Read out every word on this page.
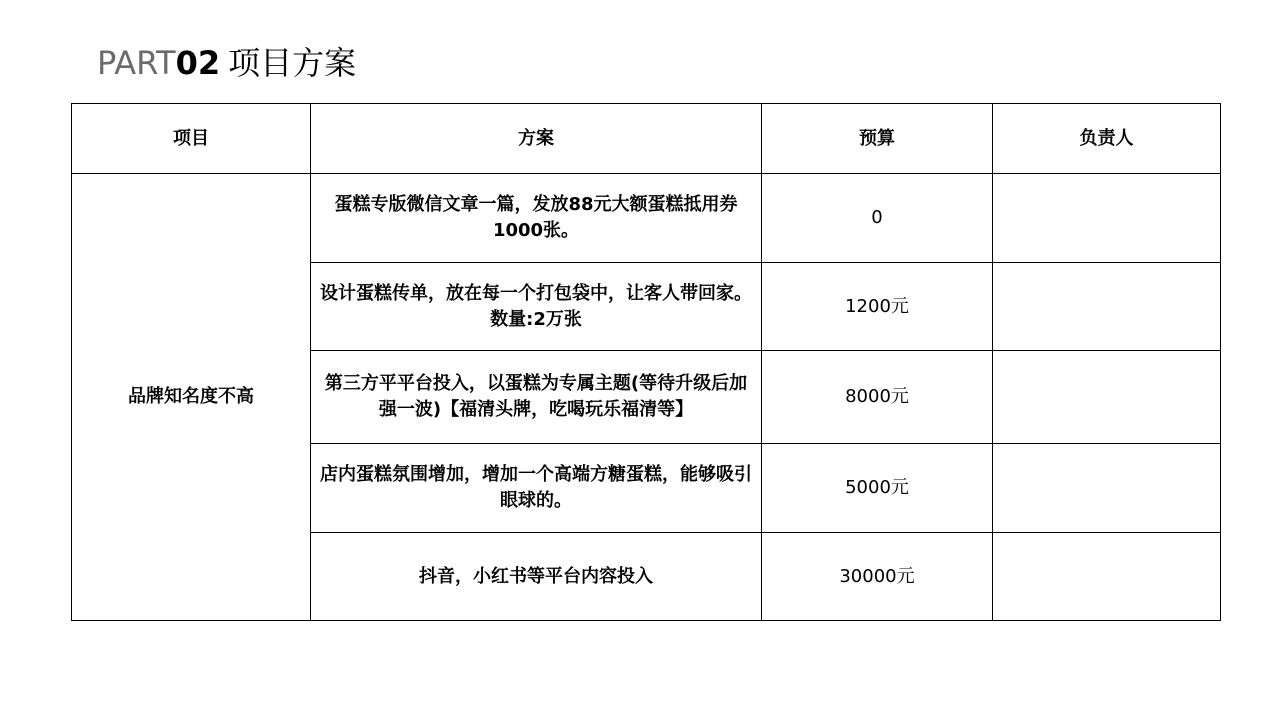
PART02 项目方案
项目	方案	预算	负责人
品牌知名度不高	蛋糕专版微信文章一篇，发放88元大额蛋糕抵用券1000张。	0	
	设计蛋糕传单，放在每一个打包袋中，让客人带回家。数量:2万张	1200元	
	第三方平平台投入，以蛋糕为专属主题(等待升级后加强一波)【福清头牌，吃喝玩乐福清等】	8000元	
	店内蛋糕氛围增加，增加一个高端方糖蛋糕，能够吸引眼球的。	5000元	
	抖音，小红书等平台内容投入	30000元	
